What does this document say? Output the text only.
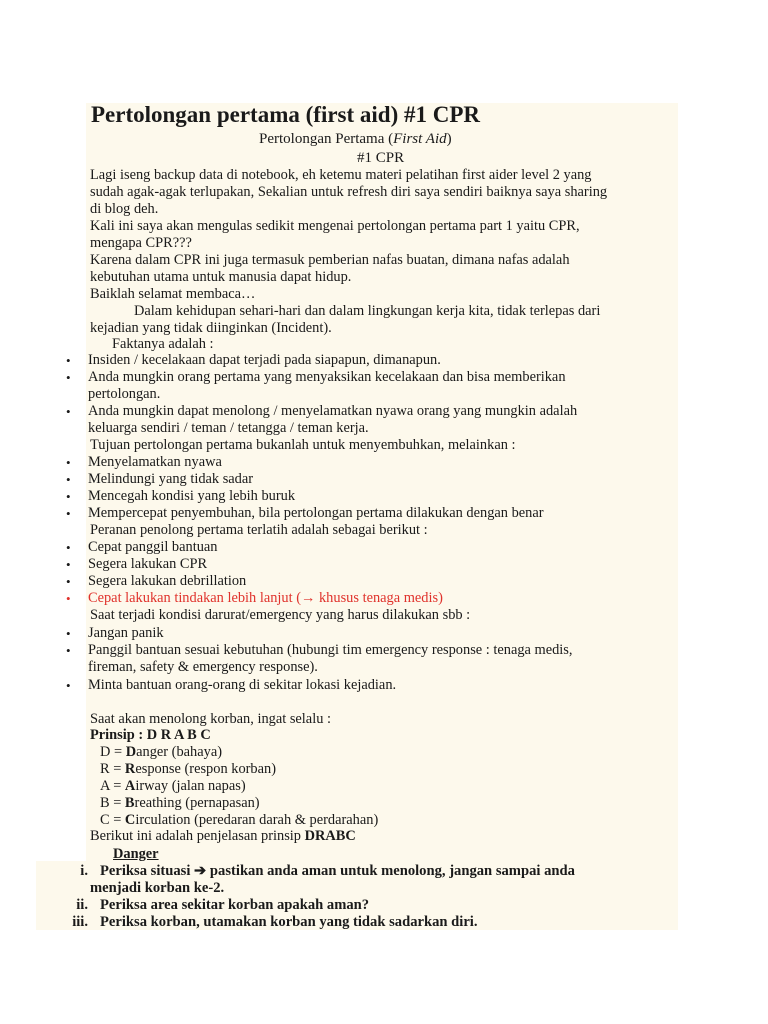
Pertolongan pertama (first aid) #1 CPR
Pertolongan Pertama (First Aid)
#1 CPR
Lagi iseng backup data di notebook, eh ketemu materi pelatihan first aider level 2 yang
sudah agak-agak terlupakan, Sekalian untuk refresh diri saya sendiri baiknya saya sharing
di blog deh.
Kali ini saya akan mengulas sedikit mengenai pertolongan pertama part 1 yaitu CPR,
mengapa CPR???
Karena dalam CPR ini juga termasuk pemberian nafas buatan, dimana nafas adalah
kebutuhan utama untuk manusia dapat hidup.
Baiklah selamat membaca…
Dalam kehidupan sehari-hari dan dalam lingkungan kerja kita, tidak terlepas dari
kejadian yang tidak diinginkan (Incident).
Faktanya adalah :
• Insiden / kecelakaan dapat terjadi pada siapapun, dimanapun.
• Anda mungkin orang pertama yang menyaksikan kecelakaan dan bisa memberikan
pertolongan.
• Anda mungkin dapat menolong / menyelamatkan nyawa orang yang mungkin adalah
keluarga sendiri / teman / tetangga / teman kerja.
Tujuan pertolongan pertama bukanlah untuk menyembuhkan, melainkan :
• Menyelamatkan nyawa
• Melindungi yang tidak sadar
• Mencegah kondisi yang lebih buruk
• Mempercepat penyembuhan, bila pertolongan pertama dilakukan dengan benar
Peranan penolong pertama terlatih adalah sebagai berikut :
• Cepat panggil bantuan
• Segera lakukan CPR
• Segera lakukan debrillation
• Cepat lakukan tindakan lebih lanjut (→ khusus tenaga medis)
Saat terjadi kondisi darurat/emergency yang harus dilakukan sbb :
• Jangan panik
• Panggil bantuan sesuai kebutuhan (hubungi tim emergency response : tenaga medis,
fireman, safety & emergency response).
• Minta bantuan orang-orang di sekitar lokasi kejadian.
Saat akan menolong korban, ingat selalu :
Prinsip : D R A B C
D = Danger (bahaya)
R = Response (respon korban)
A = Airway (jalan napas)
B = Breathing (pernapasan)
C = Circulation (peredaran darah & perdarahan)
Berikut ini adalah penjelasan prinsip DRABC
Danger
i. Periksa situasi ➔ pastikan anda aman untuk menolong, jangan sampai anda
menjadi korban ke-2.
ii. Periksa area sekitar korban apakah aman?
iii. Periksa korban, utamakan korban yang tidak sadarkan diri.
